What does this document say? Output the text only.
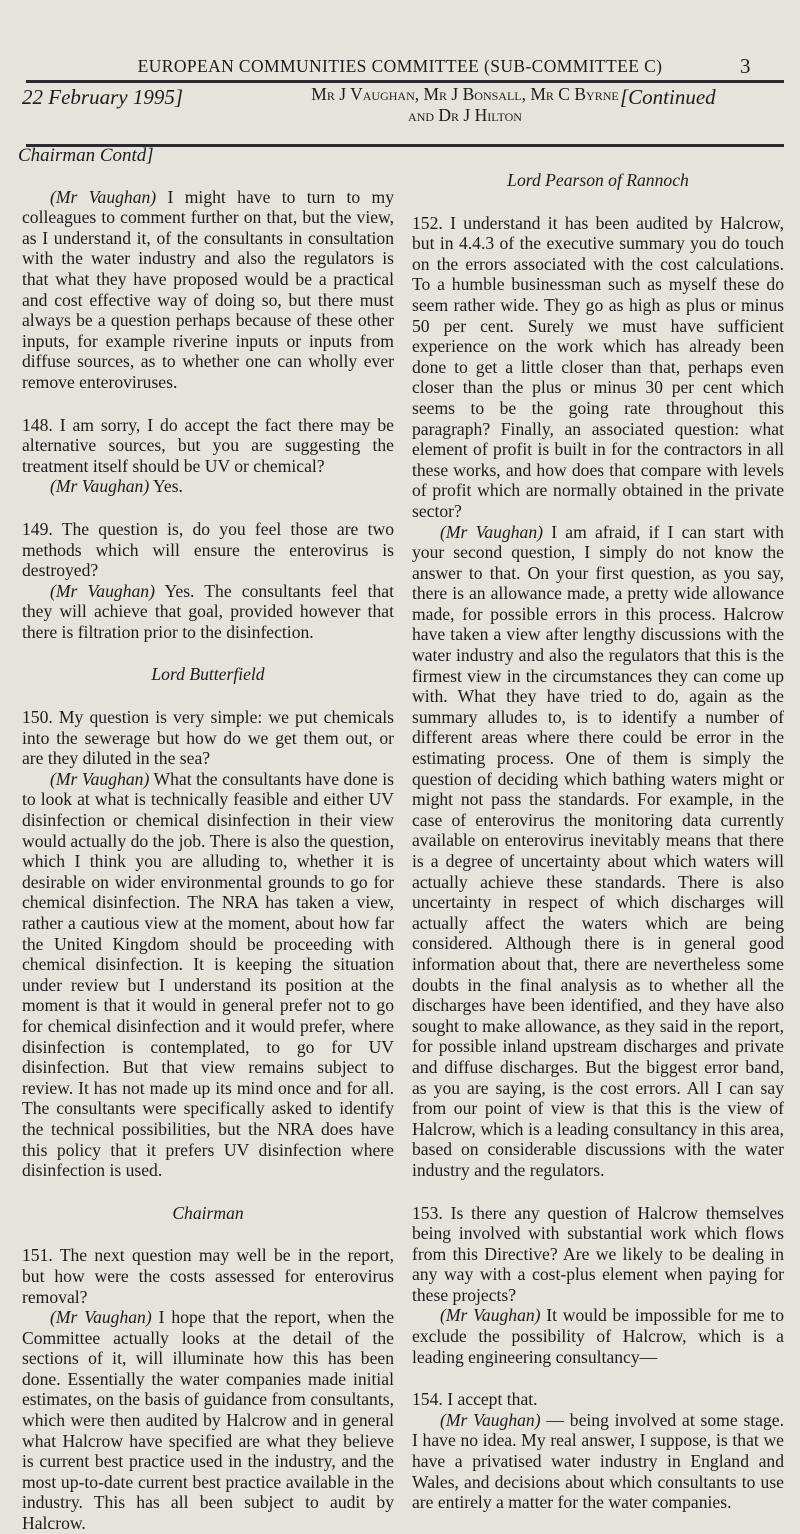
EUROPEAN COMMUNITIES COMMITTEE (SUB-COMMITTEE C)	3
22 February 1995]	Mr J Vaughan, Mr J Bonsall, Mr C Byrne and Dr J Hilton
[Continued
Chairman Contd]

(Mr Vaughan) I might have to turn to my colleagues to comment further on that, but the view, as I understand it, of the consultants in consultation with the water industry and also the regulators is that what they have proposed would be a practical and cost effective way of doing so, but there must always be a question perhaps because of these other inputs, for example riverine inputs or inputs from diffuse sources, as to whether one can wholly ever remove enteroviruses.

148. I am sorry, I do accept the fact there may be alternative sources, but you are suggesting the treatment itself should be UV or chemical?

(Mr Vaughan) Yes.

149. The question is, do you feel those are two methods which will ensure the enterovirus is destroyed?

(Mr Vaughan) Yes. The consultants feel that they will achieve that goal, provided however that there is filtration prior to the disinfection.

Lord Butterfield

150. My question is very simple: we put chemicals into the sewerage but how do we get them out, or are they diluted in the sea?

(Mr Vaughan) What the consultants have done is to look at what is technically feasible and either UV disinfection or chemical disinfection in their view would actually do the job. There is also the question, which I think you are alluding to, whether it is desirable on wider environmental grounds to go for chemical disinfection. The NRA has taken a view, rather a cautious view at the moment, about how far the United Kingdom should be proceeding with chemical disinfection. It is keeping the situation under review but I understand its position at the moment is that it would in general prefer not to go for chemical disinfection and it would prefer, where disinfection is contemplated, to go for UV disinfection. But that view remains subject to review. It has not made up its mind once and for all. The consultants were specifically asked to identify the technical possibilities, but the NRA does have this policy that it prefers UV disinfection where disinfection is used.

Chairman

151. The next question may well be in the report, but how were the costs assessed for enterovirus removal?

(Mr Vaughan) I hope that the report, when the Committee actually looks at the detail of the sections of it, will illuminate how this has been done. Essentially the water companies made initial estimates, on the basis of guidance from consultants, which were then audited by Halcrow and in general what Halcrow have specified are what they believe is current best practice used in the industry, and the most up-to-date current best practice available in the industry. This has all been subject to audit by Halcrow.

Lord Pearson of Rannoch

152. I understand it has been audited by Halcrow, but in 4.4.3 of the executive summary you do touch on the errors associated with the cost calculations. To a humble businessman such as myself these do seem rather wide. They go as high as plus or minus 50 per cent. Surely we must have sufficient experience on the work which has already been done to get a little closer than that, perhaps even closer than the plus or minus 30 per cent which seems to be the going rate throughout this paragraph? Finally, an associated question: what element of profit is built in for the contractors in all these works, and how does that compare with levels of profit which are normally obtained in the private sector?

(Mr Vaughan) I am afraid, if I can start with your second question, I simply do not know the answer to that. On your first question, as you say, there is an allowance made, a pretty wide allowance made, for possible errors in this process. Halcrow have taken a view after lengthy discussions with the water industry and also the regulators that this is the firmest view in the circumstances they can come up with. What they have tried to do, again as the summary alludes to, is to identify a number of different areas where there could be error in the estimating process. One of them is simply the question of deciding which bathing waters might or might not pass the standards. For example, in the case of enterovirus the monitoring data currently available on enterovirus inevitably means that there is a degree of uncertainty about which waters will actually achieve these standards. There is also uncertainty in respect of which discharges will actually affect the waters which are being considered. Although there is in general good information about that, there are nevertheless some doubts in the final analysis as to whether all the discharges have been identified, and they have also sought to make allowance, as they said in the report, for possible inland upstream discharges and private and diffuse discharges. But the biggest error band, as you are saying, is the cost errors. All I can say from our point of view is that this is the view of Halcrow, which is a leading consultancy in this area, based on considerable discussions with the water industry and the regulators.

153. Is there any question of Halcrow themselves being involved with substantial work which flows from this Directive? Are we likely to be dealing in any way with a cost-plus element when paying for these projects?

(Mr Vaughan) It would be impossible for me to exclude the possibility of Halcrow, which is a leading engineering consultancy—

154. I accept that.

(Mr Vaughan) — being involved at some stage. I have no idea. My real answer, I suppose, is that we have a privatised water industry in England and Wales, and decisions about which consultants to use are entirely a matter for the water companies.
